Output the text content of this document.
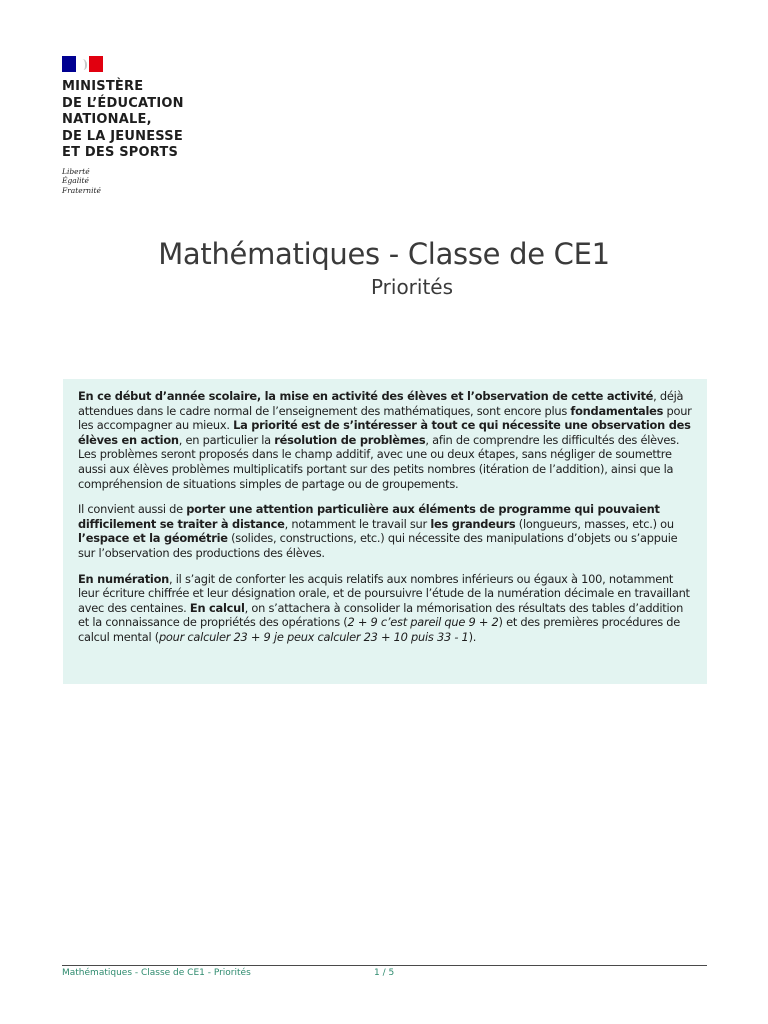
MINISTÈRE
DE L’ÉDUCATION
NATIONALE,
DE LA JEUNESSE
ET DES SPORTS
Liberté
Égalité
Fraternité
Mathématiques - Classe de CE1
Priorités

En ce début d’année scolaire, la mise en activité des élèves et l’observation de cette activité, déjà attendues dans le cadre normal de l’enseignement des mathématiques, sont encore plus fondamentales pour les accompagner au mieux. La priorité est de s’intéresser à tout ce qui nécessite une observation des élèves en action, en particulier la résolution de problèmes, afin de comprendre les difficultés des élèves. Les problèmes seront proposés dans le champ additif, avec une ou deux étapes, sans négliger de soumettre aussi aux élèves problèmes multiplicatifs portant sur des petits nombres (itération de l’addition), ainsi que la compréhension de situations simples de partage ou de groupements.

Il convient aussi de porter une attention particulière aux éléments de programme qui pouvaient difficilement se traiter à distance, notamment le travail sur les grandeurs (longueurs, masses, etc.) ou l’espace et la géométrie (solides, constructions, etc.) qui nécessite des manipulations d’objets ou s’appuie sur l’observation des productions des élèves.

En numération, il s’agit de conforter les acquis relatifs aux nombres inférieurs ou égaux à 100, notamment leur écriture chiffrée et leur désignation orale, et de poursuivre l’étude de la numération décimale en travaillant avec des centaines. En calcul, on s’attachera à consolider la mémorisation des résultats des tables d’addition et la connaissance de propriétés des opérations (2 + 9 c’est pareil que 9 + 2) et des premières procédures de calcul mental (pour calculer 23 + 9 je peux calculer 23 + 10 puis 33 - 1).

Mathématiques - Classe de CE1 - Priorités	1 / 5
